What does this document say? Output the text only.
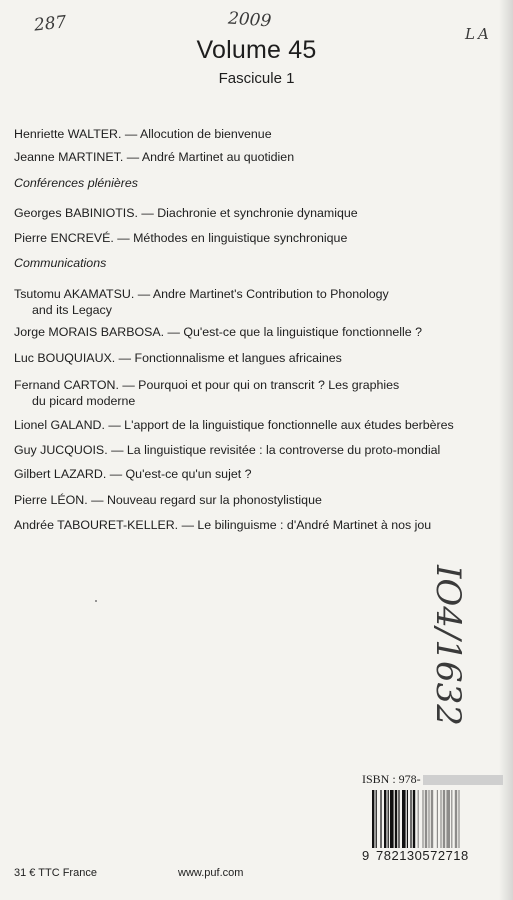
287	2009
LA
IO4/1632
Volume 45
Fascicule 1
Henriette WALTER. — Allocution de bienvenue
Jeanne MARTINET. — André Martinet au quotidien
Conférences plénières
Georges BABINIOTIS. — Diachronie et synchronie dynamique
Pierre ENCREVÉ. — Méthodes en linguistique synchronique
Communications
Tsutomu AKAMATSU. — Andre Martinet's Contribution to Phonology
and its Legacy
Jorge MORAIS BARBOSA. — Qu'est-ce que la linguistique fonctionnelle ?
Luc BOUQUIAUX. — Fonctionnalisme et langues africaines
Fernand CARTON. — Pourquoi et pour qui on transcrit ? Les graphies
du picard moderne
Lionel GALAND. — L'apport de la linguistique fonctionnelle aux études berbères
Guy JUCQUOIS. — La linguistique revisitée : la controverse du proto-mondial
Gilbert LAZARD. — Qu'est-ce qu'un sujet ?
Pierre LÉON. — Nouveau regard sur la phonostylistique
Andrée TABOURET-KELLER. — Le bilinguisme : d'André Martinet à nos jou
ISBN : 978-
9 782130572718
31 € TTC France	www.puf.com
